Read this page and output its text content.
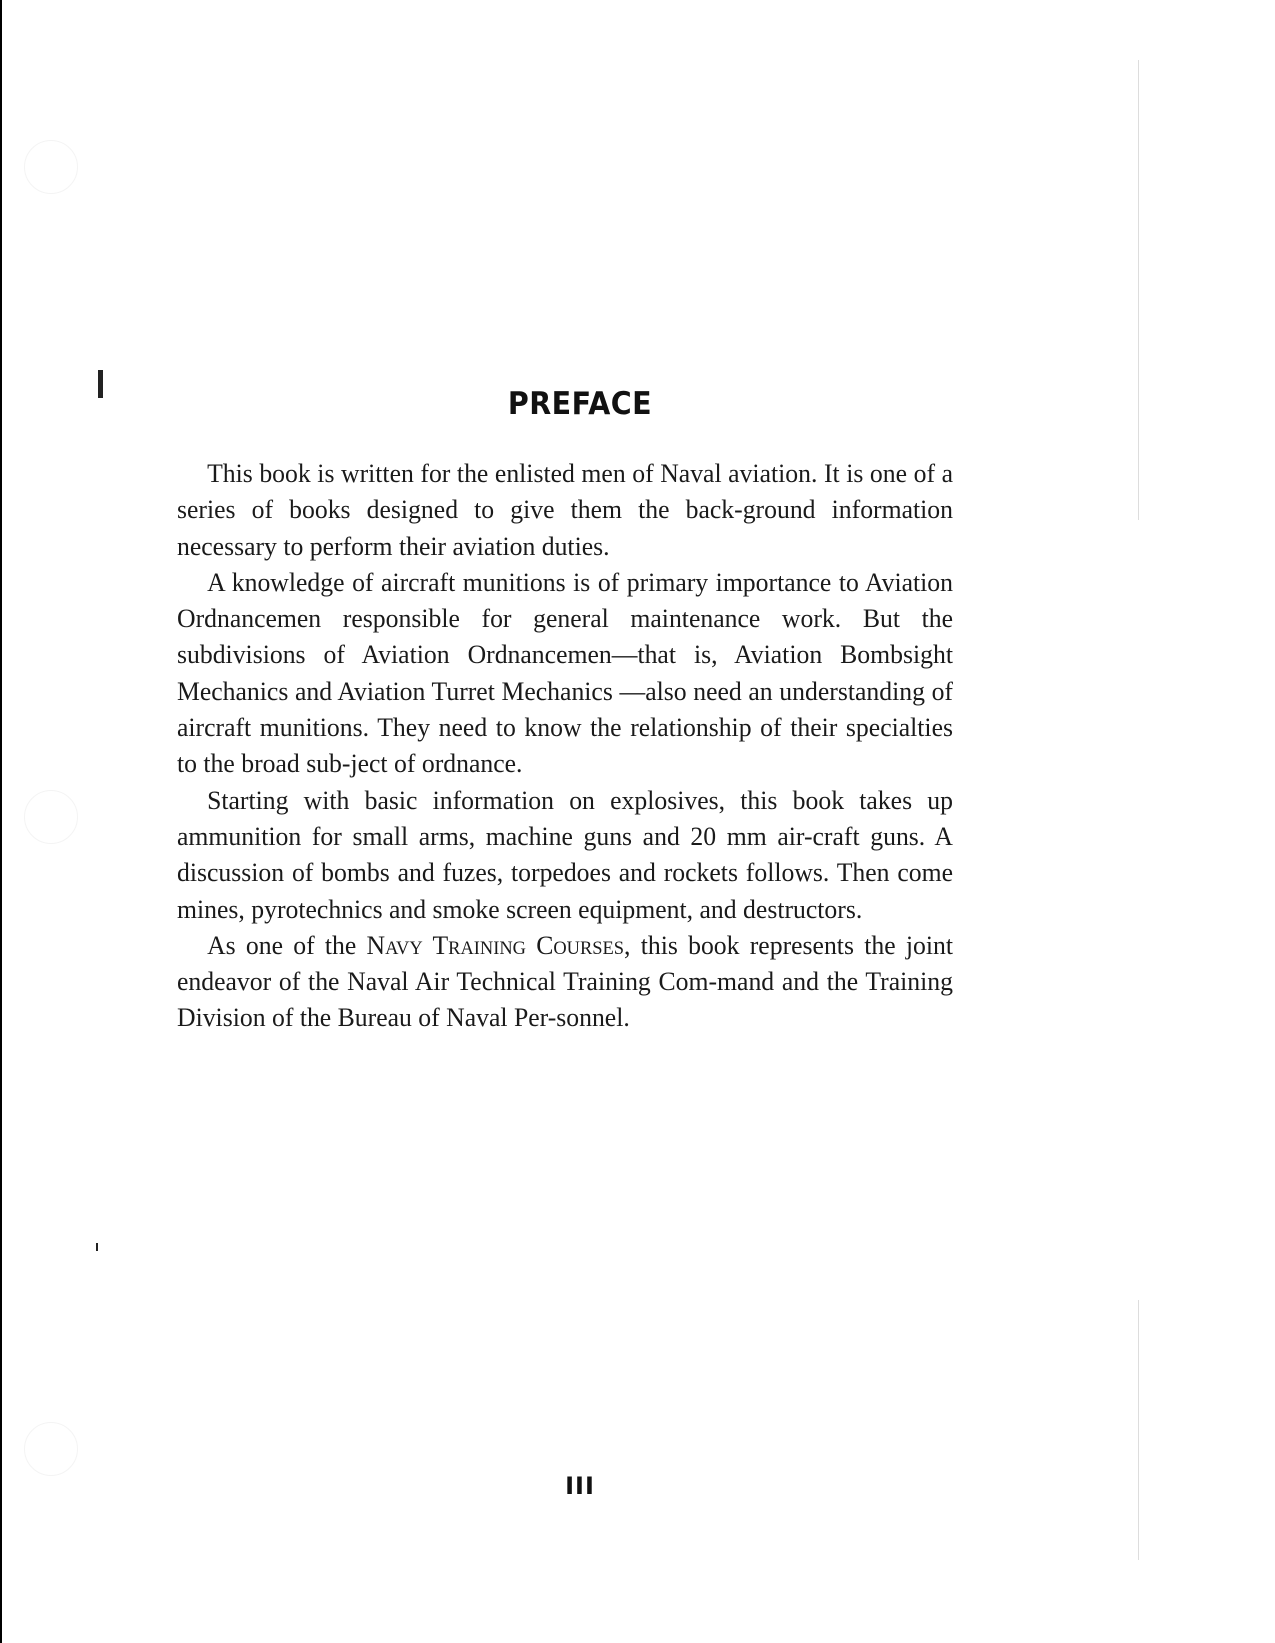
PREFACE

This book is written for the enlisted men of Naval aviation. It is one of a series of books designed to give them the back-ground information necessary to perform their aviation duties.

A knowledge of aircraft munitions is of primary importance to Aviation Ordnancemen responsible for general maintenance work. But the subdivisions of Aviation Ordnancemen—that is, Aviation Bombsight Mechanics and Aviation Turret Mechanics —also need an understanding of aircraft munitions. They need to know the relationship of their specialties to the broad sub-ject of ordnance.

Starting with basic information on explosives, this book takes up ammunition for small arms, machine guns and 20 mm air-craft guns. A discussion of bombs and fuzes, torpedoes and rockets follows. Then come mines, pyrotechnics and smoke screen equipment, and destructors.

As one of the Navy Training Courses, this book represents the joint endeavor of the Naval Air Technical Training Com-mand and the Training Division of the Bureau of Naval Per-sonnel.

III
